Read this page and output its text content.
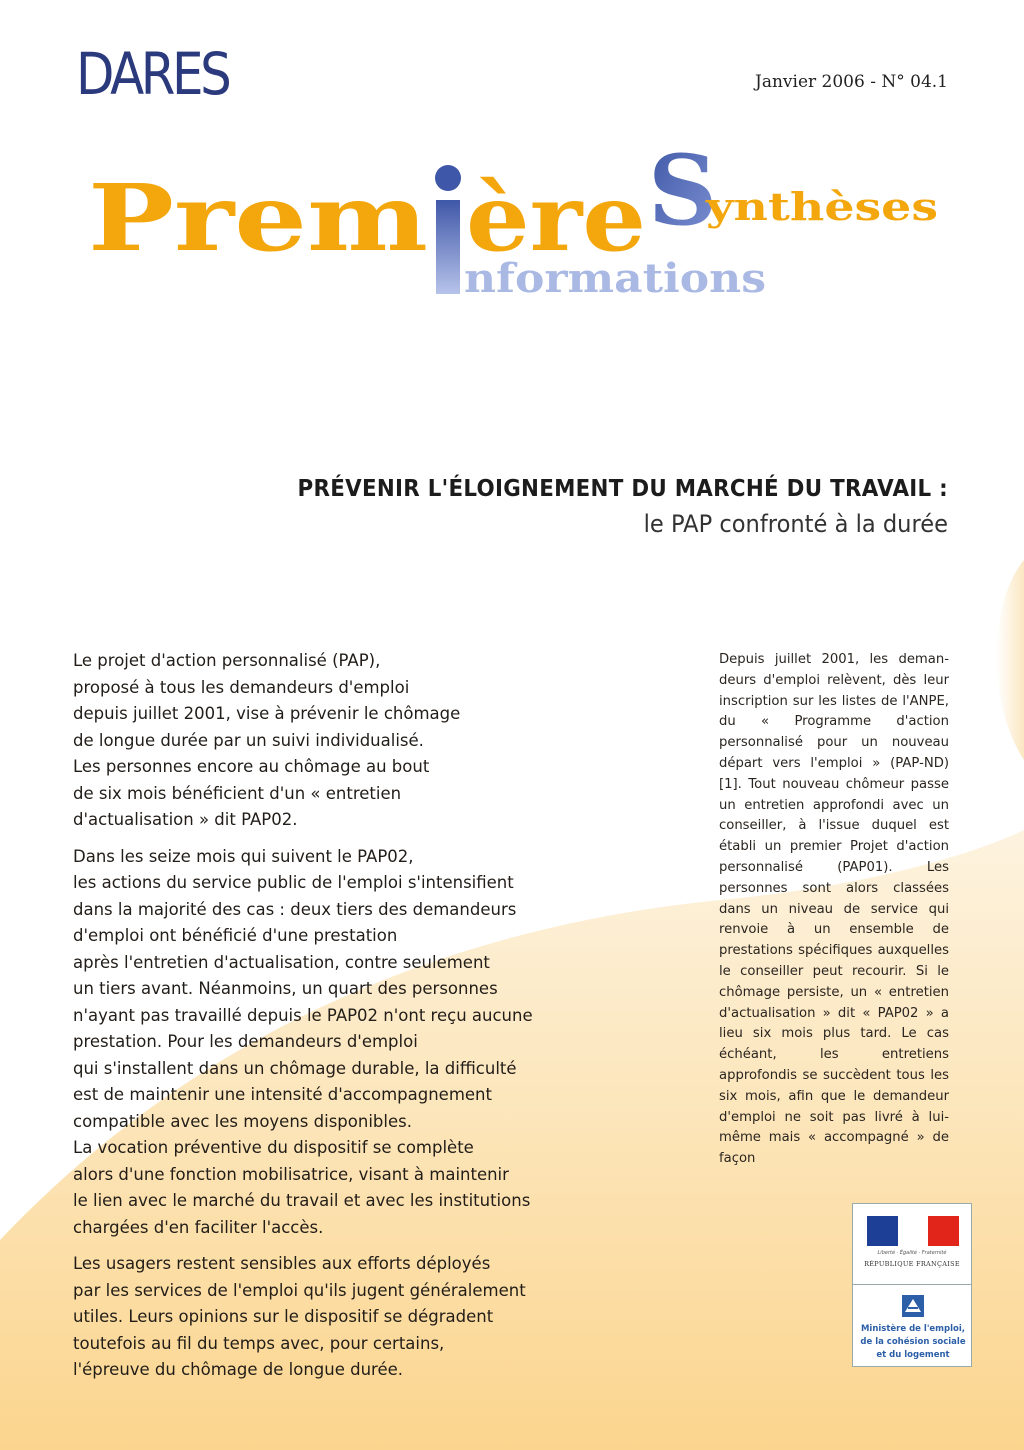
DARES	Janvier 2006 - N° 04.1
Prem ère S
ynthèses
nformations
PRÉVENIR L'ÉLOIGNEMENT DU MARCHÉ DU TRAVAIL :
le PAP confronté à la durée

Le projet d'action personnalisé (PAP),
proposé à tous les demandeurs d'emploi
depuis juillet 2001, vise à prévenir le chômage
de longue durée par un suivi individualisé.
Les personnes encore au chômage au bout
de six mois bénéficient d'un « entretien
d'actualisation » dit PAP02.

Dans les seize mois qui suivent le PAP02,
les actions du service public de l'emploi s'intensifient
dans la majorité des cas : deux tiers des demandeurs
d'emploi ont bénéficié d'une prestation
après l'entretien d'actualisation, contre seulement
un tiers avant. Néanmoins, un quart des personnes
n'ayant pas travaillé depuis le PAP02 n'ont reçu aucune
prestation. Pour les demandeurs d'emploi
qui s'installent dans un chômage durable, la difficulté
est de maintenir une intensité d'accompagnement
compatible avec les moyens disponibles.
La vocation préventive du dispositif se complète
alors d'une fonction mobilisatrice, visant à maintenir
le lien avec le marché du travail et avec les institutions
chargées d'en faciliter l'accès.

Les usagers restent sensibles aux efforts déployés
par les services de l'emploi qu'ils jugent généralement
utiles. Leurs opinions sur le dispositif se dégradent
toutefois au fil du temps avec, pour certains,
l'épreuve du chômage de longue durée.

Depuis juillet 2001, les demandeurs d'emploi relèvent, dès leur inscription sur les listes de l'ANPE, du « Programme d'action personnalisé pour un nouveau départ vers l'emploi » (PAP-ND) [1]. Tout nouveau chômeur passe un entretien approfondi avec un conseiller, à l'issue duquel est établi un premier Projet d'action personnalisé (PAP01). Les personnes sont alors classées dans un niveau de service qui renvoie à un ensemble de prestations spécifiques auxquelles le conseiller peut recourir. Si le chômage persiste, un « entretien d'actualisation » dit « PAP02 » a lieu six mois plus tard. Le cas échéant, les entretiens approfondis se succèdent tous les six mois, afin que le demandeur d'emploi ne soit pas livré à lui-même mais « accompagné » de façon
Liberté · Égalité · Fraternité
RÉPUBLIQUE FRANÇAISE
Ministère de l'emploi,
de la cohésion sociale
et du logement
